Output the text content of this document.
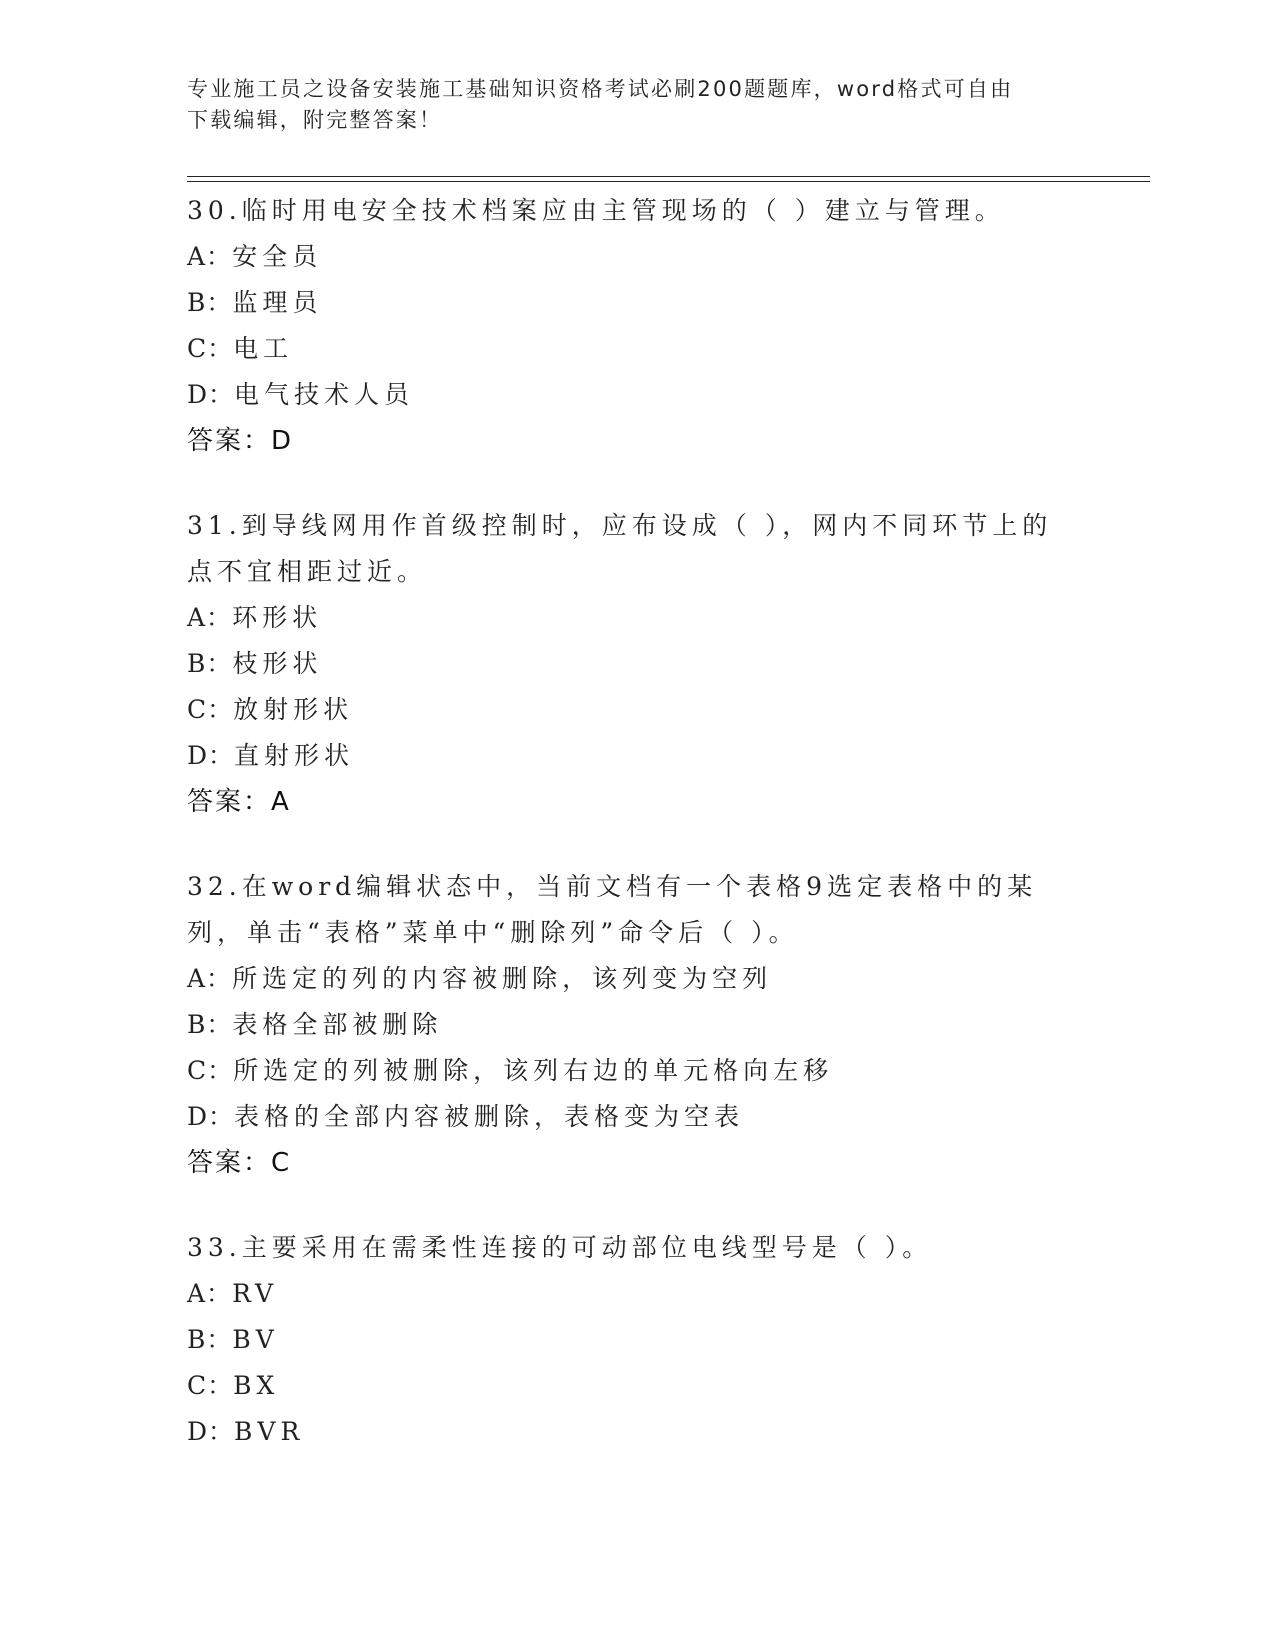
专业施工员之设备安装施工基础知识资格考试必刷200题题库，word格式可自由
下载编辑，附完整答案！
30.临时用电安全技术档案应由主管现场的（ ）建立与管理。
A：安全员
B：监理员
C：电工
D：电气技术人员
答案：D
31.到导线网用作首级控制时，应布设成（ ），网内不同环节上的点不宜相距过近。
A：环形状
B：枝形状
C：放射形状
D：直射形状
答案：A
32.在word编辑状态中，当前文档有一个表格9选定表格中的某列，单击“表格”菜单中“删除列”命令后（ ）。
A：所选定的列的内容被删除，该列变为空列
B：表格全部被删除
C：所选定的列被删除，该列右边的单元格向左移
D：表格的全部内容被删除，表格变为空表
答案：C
33.主要采用在需柔性连接的可动部位电线型号是（ ）。
A：RV
B：BV
C：BX
D：BVR
